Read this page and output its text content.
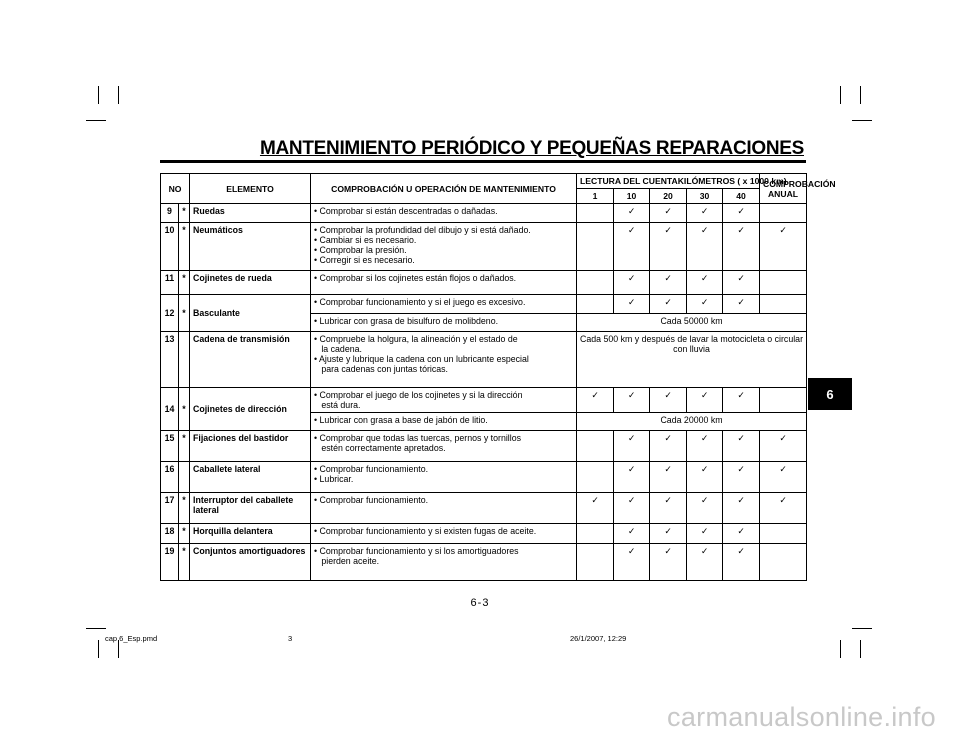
MANTENIMIENTO PERIÓDICO Y PEQUEÑAS REPARACIONES
6
NO		ELEMENTO	COMPROBACIÓN U OPERACIÓN DE MANTENIMIENTO	LECTURA DEL CUENTAKILÓMETROS ( x 1000 km)					COMPROBACIÓN ANUAL
				1	10	20	30	40	
9	*	Ruedas	• Comprobar si están descentradas o dañadas.		✓	✓	✓	✓	
10	*	Neumáticos	• Comprobar la profundidad del dibujo y si está dañado.
• Cambiar si es necesario.
• Comprobar la presión.
• Corregir si es necesario.		✓	✓	✓	✓	✓
11	*	Cojinetes de rueda	• Comprobar si los cojinetes están flojos o dañados.		✓	✓	✓	✓	
12	*	Basculante	• Comprobar funcionamiento y si el juego es excesivo.		✓	✓	✓	✓	

			• Lubricar con grasa de bisulfuro de molibdeno.	Cada 50000 km					
13		Cadena de transmisión	• Compruebe la holgura, la alineación y el estado de
la cadena.
• Ajuste y lubrique la cadena con un lubricante especial
para cadenas con juntas tóricas.	Cada 500 km y después de lavar la motocicleta o circular con lluvia					
14	*	Cojinetes de dirección	• Comprobar el juego de los cojinetes y si la dirección
está dura.	✓	✓	✓	✓	✓	

			• Lubricar con grasa a base de jabón de litio.	Cada 20000 km					
15	*	Fijaciones del bastidor	• Comprobar que todas las tuercas, pernos y tornillos
estén correctamente apretados.		✓	✓	✓	✓	✓
16		Caballete lateral	• Comprobar funcionamiento.
• Lubricar.		✓	✓	✓	✓	✓
17	*	Interruptor del caballete lateral	• Comprobar funcionamiento.	✓	✓	✓	✓	✓	✓
18	*	Horquilla delantera	• Comprobar funcionamiento y si existen fugas de aceite.		✓	✓	✓	✓	
19	*	Conjuntos amortiguadores	• Comprobar funcionamiento y si los amortiguadores
pierden aceite.		✓	✓	✓	✓	
6-3
cap 6_Esp.pmd	3	26/1/2007, 12:29
carmanualsonline.info
